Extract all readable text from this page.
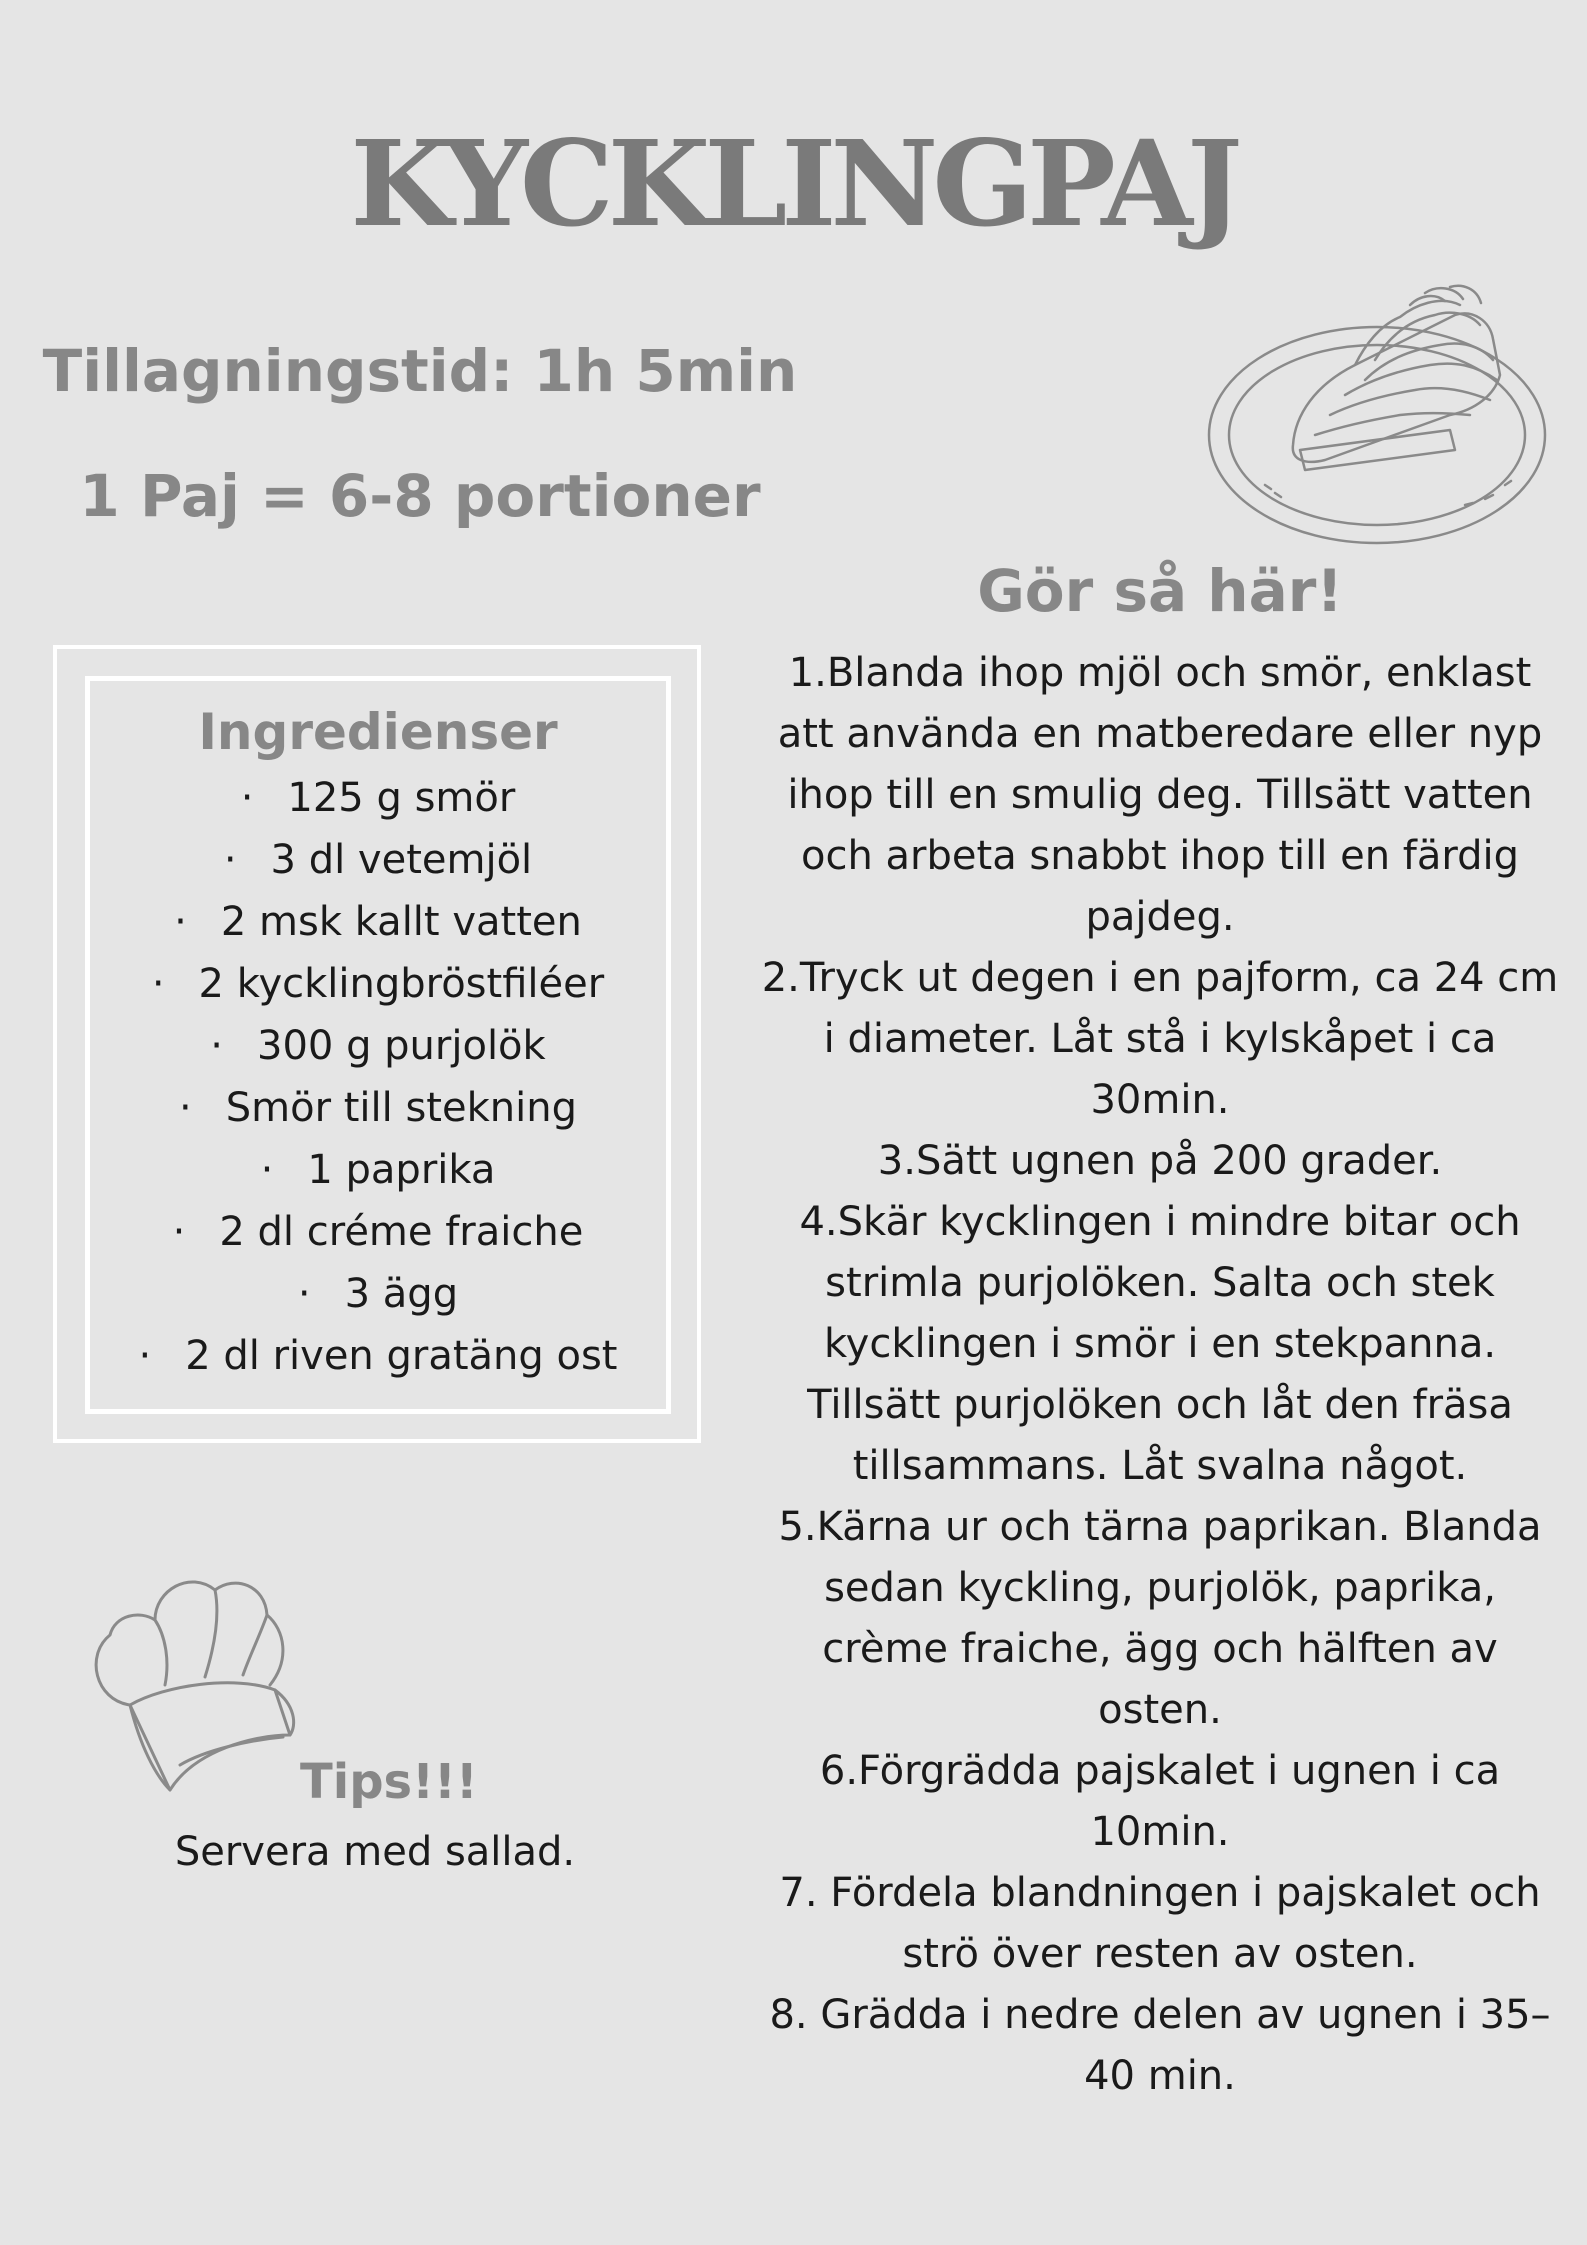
KYCKLINGPAJ
Tillagningstid: 1h 5min
1 Paj = 6-8 portioner
Gör så här!
1.Blanda ihop mjöl och smör, enklast att använda en matberedare eller nyp ihop till en smulig deg. Tillsätt vatten och arbeta snabbt ihop till en färdig pajdeg.
2.Tryck ut degen i en pajform, ca 24 cm i diameter. Låt stå i kylskåpet i ca 30min.
3.Sätt ugnen på 200 grader.
4.Skär kycklingen i mindre bitar och strimla purjolöken. Salta och stek kycklingen i smör i en stekpanna. Tillsätt purjolöken och låt den fräsa tillsammans. Låt svalna något.
5.Kärna ur och tärna paprikan. Blanda sedan kyckling, purjolök, paprika, crème fraiche, ägg och hälften av osten.
6.Förgrädda pajskalet i ugnen i ca 10min.
7. Fördela blandningen i pajskalet och strö över resten av osten.
8. Grädda i nedre delen av ugnen i 35–40 min.
Ingredienser
· 125 g smör
· 3 dl vetemjöl
· 2 msk kallt vatten
· 2 kycklingbröstfiléer
· 300 g purjolök
· Smör till stekning
· 1 paprika
· 2 dl créme fraiche
· 3 ägg
· 2 dl riven gratäng ost
Tips!!!
Servera med sallad.
